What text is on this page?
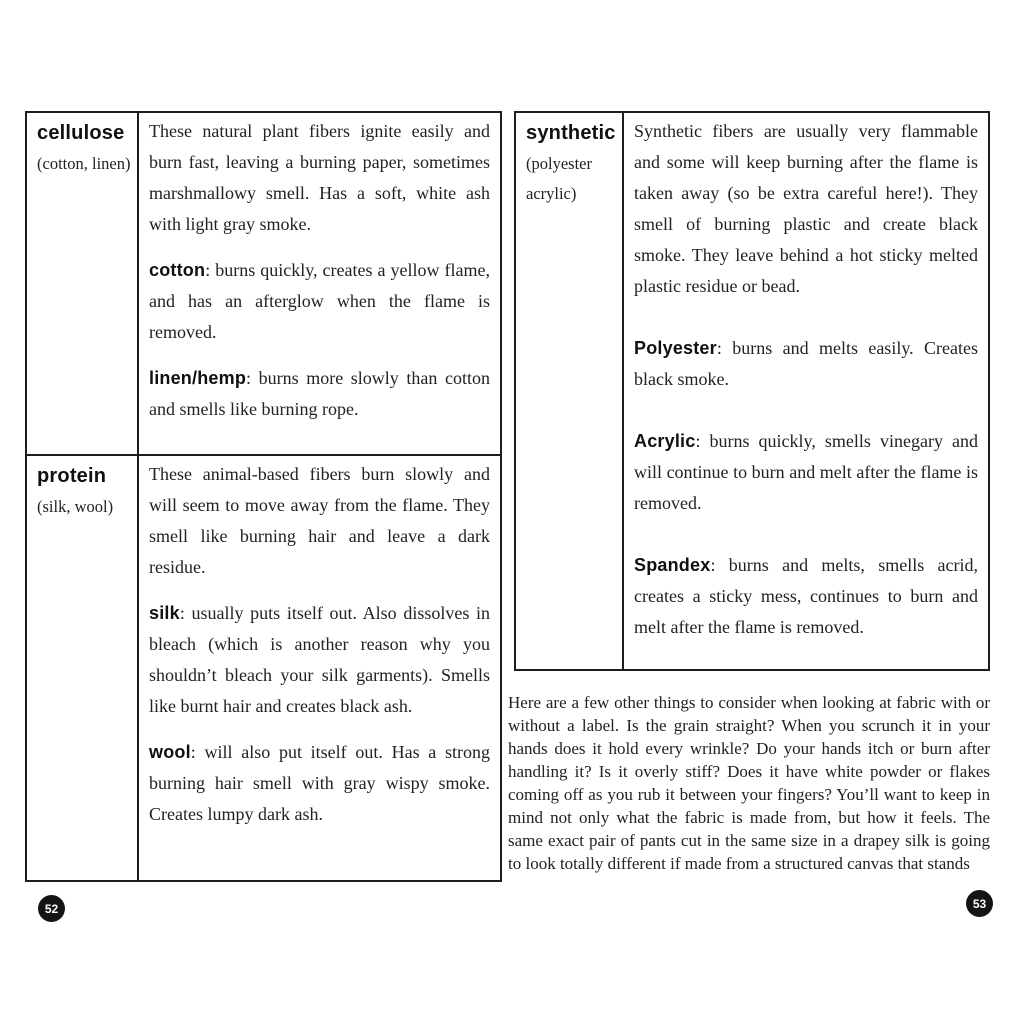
cellulose
(cotton, linen)

These natural plant fibers ignite easily and burn fast, leaving a burning paper, sometimes marshmallowy smell. Has a soft, white ash with light gray smoke.

cotton: burns quickly, creates a yellow flame, and has an afterglow when the flame is removed.

linen/hemp: burns more slowly than cotton and smells like burning rope.

protein
(silk, wool)

These animal-based fibers burn slowly and will seem to move away from the flame. They smell like burning hair and leave a dark residue.

silk: usually puts itself out. Also dissolves in bleach (which is another reason why you shouldn’t bleach your silk garments). Smells like burnt hair and creates black ash.

wool: will also put itself out. Has a strong burning hair smell with gray wispy smoke. Creates lumpy dark ash.

synthetic
(polyester acrylic)

Synthetic fibers are usually very flammable and some will keep burning after the flame is taken away (so be extra careful here!). They smell of burning plastic and create black smoke. They leave behind a hot sticky melted plastic residue or bead.

Polyester: burns and melts easily. Creates black smoke.

Acrylic: burns quickly, smells vinegary and will continue to burn and melt after the flame is removed.

Spandex: burns and melts, smells acrid, creates a sticky mess, continues to burn and melt after the flame is removed.

Here are a few other things to consider when looking at fabric with or without a label. Is the grain straight? When you scrunch it in your hands does it hold every wrinkle? Do your hands itch or burn after handling it? Is it overly stiff? Does it have white powder or flakes coming off as you rub it between your fingers? You’ll want to keep in mind not only what the fabric is made from, but how it feels. The same exact pair of pants cut in the same size in a drapey silk is going to look totally different if made from a structured canvas that stands

52	53
